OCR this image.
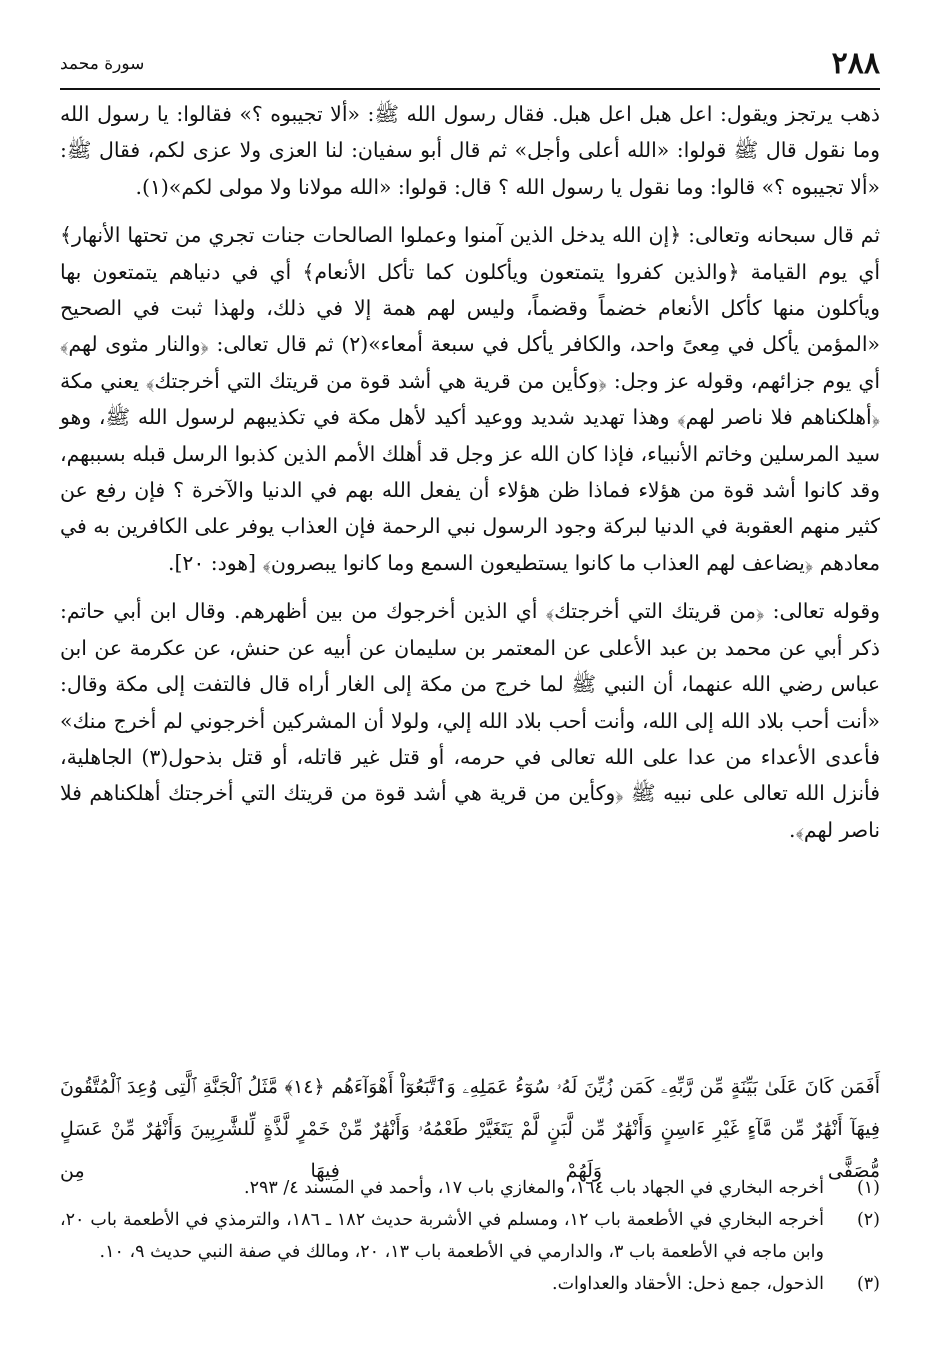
٢٨٨
سورة محمد

ذهب يرتجز ويقول: اعل هبل اعل هبل. فقال رسول الله ﷺ: «ألا تجيبوه ؟» فقالوا: يا رسول الله وما نقول قال ﷺ قولوا: «الله أعلى وأجل» ثم قال أبو سفيان: لنا العزى ولا عزى لكم، فقال ﷺ: «ألا تجيبوه ؟» قالوا: وما نقول يا رسول الله ؟ قال: قولوا: «الله مولانا ولا مولى لكم»(١).

ثم قال سبحانه وتعالى: ﴿إن الله يدخل الذين آمنوا وعملوا الصالحات جنات تجري من تحتها الأنهار﴾ أي يوم القيامة ﴿والذين كفروا يتمتعون ويأكلون كما تأكل الأنعام﴾ أي في دنياهم يتمتعون بها ويأكلون منها كأكل الأنعام خضماً وقضماً، وليس لهم همة إلا في ذلك، ولهذا ثبت في الصحيح «المؤمن يأكل في مِعىً واحد، والكافر يأكل في سبعة أمعاء»(٢) ثم قال تعالى: ﴿والنار مثوى لهم﴾ أي يوم جزائهم، وقوله عز وجل: ﴿وكأين من قرية هي أشد قوة من قريتك التي أخرجتك﴾ يعني مكة ﴿أهلكناهم فلا ناصر لهم﴾ وهذا تهديد شديد ووعيد أكيد لأهل مكة في تكذيبهم لرسول الله ﷺ، وهو سيد المرسلين وخاتم الأنبياء، فإذا كان الله عز وجل قد أهلك الأمم الذين كذبوا الرسل قبله بسببهم، وقد كانوا أشد قوة من هؤلاء فماذا ظن هؤلاء أن يفعل الله بهم في الدنيا والآخرة ؟ فإن رفع عن كثير منهم العقوبة في الدنيا لبركة وجود الرسول نبي الرحمة فإن العذاب يوفر على الكافرين به في معادهم ﴿يضاعف لهم العذاب ما كانوا يستطيعون السمع وما كانوا يبصرون﴾ [هود: ٢٠].

وقوله تعالى: ﴿من قريتك التي أخرجتك﴾ أي الذين أخرجوك من بين أظهرهم. وقال ابن أبي حاتم: ذكر أبي عن محمد بن عبد الأعلى عن المعتمر بن سليمان عن أبيه عن حنش، عن عكرمة عن ابن عباس رضي الله عنهما، أن النبي ﷺ لما خرج من مكة إلى الغار أراه قال فالتفت إلى مكة وقال: «أنت أحب بلاد الله إلى الله، وأنت أحب بلاد الله إلي، ولولا أن المشركين أخرجوني لم أخرج منك» فأعدى الأعداء من عدا على الله تعالى في حرمه، أو قتل غير قاتله، أو قتل بذحول(٣) الجاهلية، فأنزل الله تعالى على نبيه ﷺ ﴿وكأين من قرية هي أشد قوة من قريتك التي أخرجتك أهلكناهم فلا ناصر لهم﴾.

أَفَمَن كَانَ عَلَىٰ بَيِّنَةٍ مِّن رَّبِّهِۦ كَمَن زُيِّنَ لَهُۥ سُوٓءُ عَمَلِهِۦ وَٱتَّبَعُوٓاْ أَهْوَآءَهُم ﴿١٤﴾ مَّثَلُ ٱلْجَنَّةِ ٱلَّتِى وُعِدَ ٱلْمُتَّقُونَ فِيهَآ أَنْهَٰرٌ مِّن مَّآءٍ غَيْرِ ءَاسِنٍ وَأَنْهَٰرٌ مِّن لَّبَنٍ لَّمْ يَتَغَيَّرْ طَعْمُهُۥ وَأَنْهَٰرٌ مِّنْ خَمْرٍ لَّذَّةٍ لِّلشَّٰرِبِينَ وَأَنْهَٰرٌ مِّنْ عَسَلٍ مُّصَفًّى وَلَهُمْ فِيهَا مِن
(١)
أخرجه البخاري في الجهاد باب ١٦٤، والمغازي باب ١٧، وأحمد في المسند ٤/ ٢٩٣.
(٢)
أخرجه البخاري في الأطعمة باب ١٢، ومسلم في الأشربة حديث ١٨٢ ـ ١٨٦، والترمذي في الأطعمة باب ٢٠، وابن ماجه في الأطعمة باب ٣، والدارمي في الأطعمة باب ١٣، ٢٠، ومالك في صفة النبي حديث ٩، ١٠.
(٣)
الذحول، جمع ذحل: الأحقاد والعداوات.
